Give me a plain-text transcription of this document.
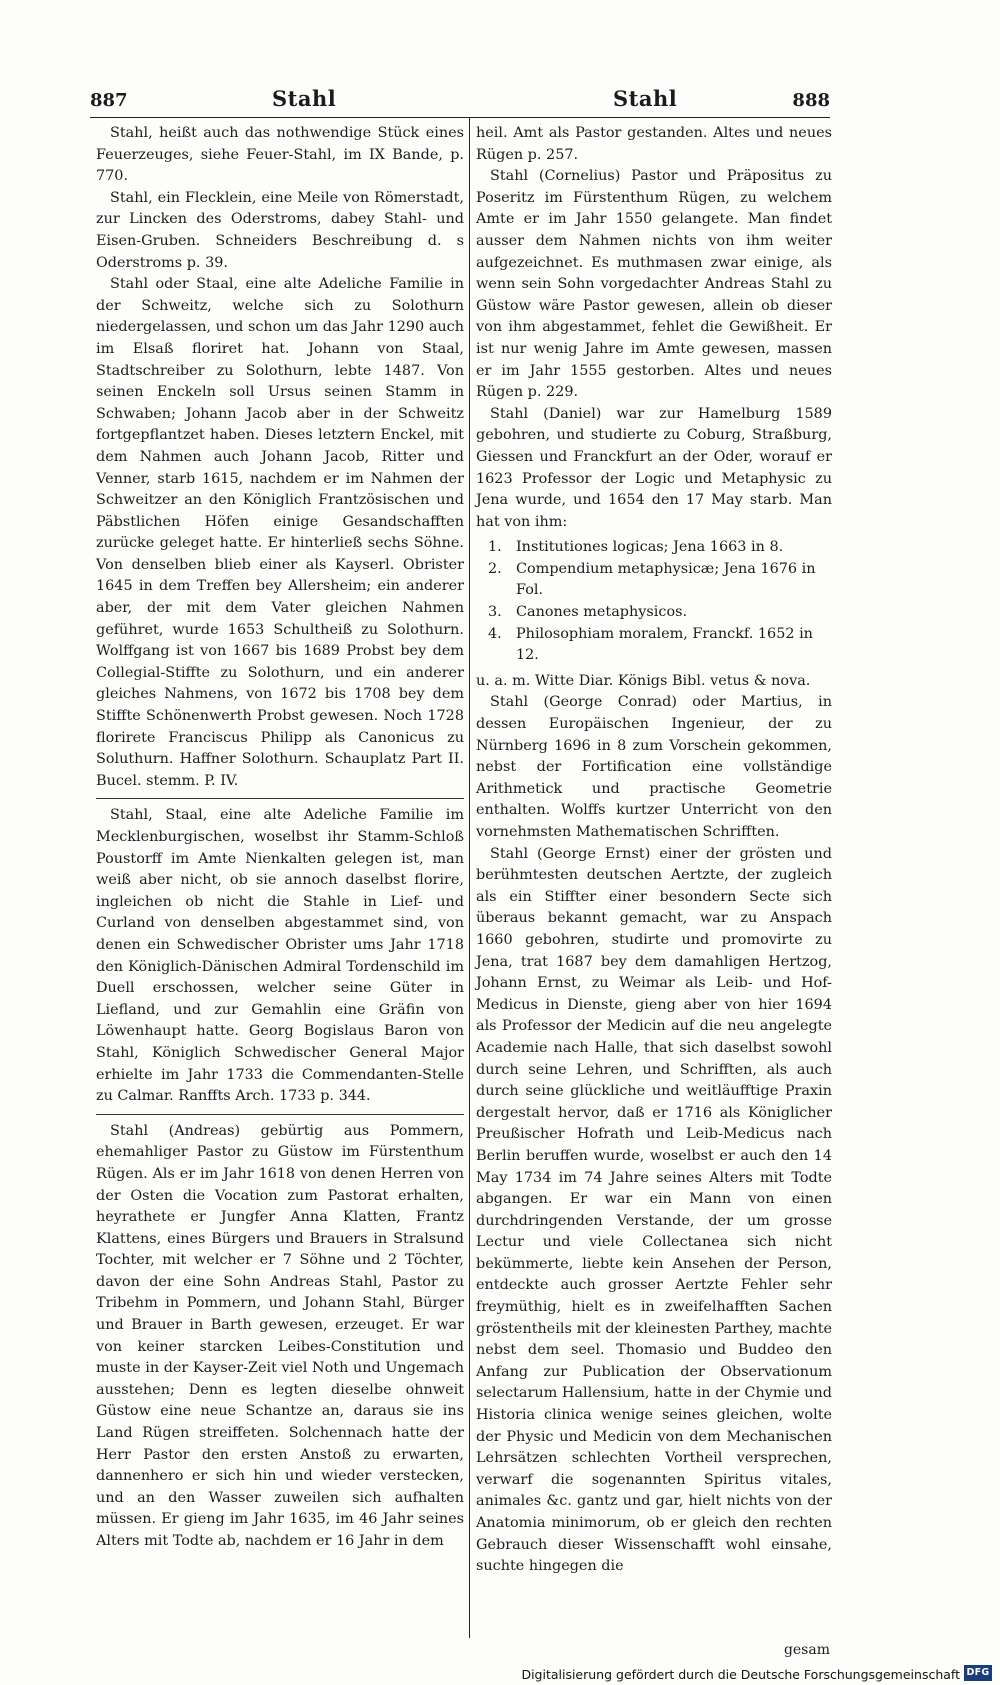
887	Stahl	Stahl	888

Stahl, heißt auch das nothwendige Stück eines Feuerzeuges, siehe Feuer-Stahl, im IX Bande, p. 770.

Stahl, ein Flecklein, eine Meile von Römerstadt, zur Lincken des Oderstroms, dabey Stahl- und Eisen-Gruben. Schneiders Beschreibung d. s Oderstroms p. 39.

Stahl oder Staal, eine alte Adeliche Familie in der Schweitz, welche sich zu Solothurn niedergelassen, und schon um das Jahr 1290 auch im Elsaß floriret hat. Johann von Staal, Stadtschreiber zu Solothurn, lebte 1487. Von seinen Enckeln soll Ursus seinen Stamm in Schwaben; Johann Jacob aber in der Schweitz fortgepflantzet haben. Dieses letztern Enckel, mit dem Nahmen auch Johann Jacob, Ritter und Venner, starb 1615, nachdem er im Nahmen der Schweitzer an den Königlich Frantzösischen und Päbstlichen Höfen einige Gesandschafften zurücke geleget hatte. Er hinterließ sechs Söhne. Von denselben blieb einer als Kayserl. Obrister 1645 in dem Treffen bey Allersheim; ein anderer aber, der mit dem Vater gleichen Nahmen geführet, wurde 1653 Schultheiß zu Solothurn. Wolffgang ist von 1667 bis 1689 Probst bey dem Collegial-Stiffte zu Solothurn, und ein anderer gleiches Nahmens, von 1672 bis 1708 bey dem Stiffte Schönenwerth Probst gewesen. Noch 1728 florirete Franciscus Philipp als Canonicus zu Soluthurn. Haffner Solothurn. Schauplatz Part II. Bucel. stemm. P. IV.

Stahl, Staal, eine alte Adeliche Familie im Mecklenburgischen, woselbst ihr Stamm-Schloß Poustorff im Amte Nienkalten gelegen ist, man weiß aber nicht, ob sie annoch daselbst florire, ingleichen ob nicht die Stahle in Lief- und Curland von denselben abgestammet sind, von denen ein Schwedischer Obrister ums Jahr 1718 den Königlich-Dänischen Admiral Tordenschild im Duell erschossen, welcher seine Güter in Liefland, und zur Gemahlin eine Gräfin von Löwenhaupt hatte. Georg Bogislaus Baron von Stahl, Königlich Schwedischer General Major erhielte im Jahr 1733 die Commendanten-Stelle zu Calmar. Ranffts Arch. 1733 p. 344.

Stahl (Andreas) gebürtig aus Pommern, ehemahliger Pastor zu Güstow im Fürstenthum Rügen. Als er im Jahr 1618 von denen Herren von der Osten die Vocation zum Pastorat erhalten, heyrathete er Jungfer Anna Klatten, Frantz Klattens, eines Bürgers und Brauers in Stralsund Tochter, mit welcher er 7 Söhne und 2 Töchter, davon der eine Sohn Andreas Stahl, Pastor zu Tribehm in Pommern, und Johann Stahl, Bürger und Brauer in Barth gewesen, erzeuget. Er war von keiner starcken Leibes-Constitution und muste in der Kayser-Zeit viel Noth und Ungemach ausstehen; Denn es legten dieselbe ohnweit Güstow eine neue Schantze an, daraus sie ins Land Rügen streiffeten. Solchennach hatte der Herr Pastor den ersten Anstoß zu erwarten, dannenhero er sich hin und wieder verstecken, und an den Wasser zuweilen sich aufhalten müssen. Er gieng im Jahr 1635, im 46 Jahr seines Alters mit Todte ab, nachdem er 16 Jahr in dem

heil. Amt als Pastor gestanden. Altes und neues Rügen p. 257.

Stahl (Cornelius) Pastor und Präpositus zu Poseritz im Fürstenthum Rügen, zu welchem Amte er im Jahr 1550 gelangete. Man findet ausser dem Nahmen nichts von ihm weiter aufgezeichnet. Es muthmasen zwar einige, als wenn sein Sohn vorgedachter Andreas Stahl zu Güstow wäre Pastor gewesen, allein ob dieser von ihm abgestammet, fehlet die Gewißheit. Er ist nur wenig Jahre im Amte gewesen, massen er im Jahr 1555 gestorben. Altes und neues Rügen p. 229.

Stahl (Daniel) war zur Hamelburg 1589 gebohren, und studierte zu Coburg, Straßburg, Giessen und Franckfurt an der Oder, worauf er 1623 Professor der Logic und Metaphysic zu Jena wurde, und 1654 den 17 May starb. Man hat von ihm:

1. Institutiones logicas; Jena 1663 in 8.
2. Compendium metaphysicæ; Jena 1676 in Fol.
3. Canones metaphysicos.
4. Philosophiam moralem, Franckf. 1652 in 12.

u. a. m. Witte Diar. Königs Bibl. vetus & nova.

Stahl (George Conrad) oder Martius, in dessen Europäischen Ingenieur, der zu Nürnberg 1696 in 8 zum Vorschein gekommen, nebst der Fortification eine vollständige Arithmetick und practische Geometrie enthalten. Wolffs kurtzer Unterricht von den vornehmsten Mathematischen Schrifften.

Stahl (George Ernst) einer der grösten und berühmtesten deutschen Aertzte, der zugleich als ein Stiffter einer besondern Secte sich überaus bekannt gemacht, war zu Anspach 1660 gebohren, studirte und promovirte zu Jena, trat 1687 bey dem damahligen Hertzog, Johann Ernst, zu Weimar als Leib- und Hof-Medicus in Dienste, gieng aber von hier 1694 als Professor der Medicin auf die neu angelegte Academie nach Halle, that sich daselbst sowohl durch seine Lehren, und Schrifften, als auch durch seine glückliche und weitläufftige Praxin dergestalt hervor, daß er 1716 als Königlicher Preußischer Hofrath und Leib-Medicus nach Berlin beruffen wurde, woselbst er auch den 14 May 1734 im 74 Jahre seines Alters mit Todte abgangen. Er war ein Mann von einen durchdringenden Verstande, der um grosse Lectur und viele Collectanea sich nicht bekümmerte, liebte kein Ansehen der Person, entdeckte auch grosser Aertzte Fehler sehr freymüthig, hielt es in zweifelhafften Sachen gröstentheils mit der kleinesten Parthey, machte nebst dem seel. Thomasio und Buddeo den Anfang zur Publication der Observationum selectarum Hallensium, hatte in der Chymie und Historia clinica wenige seines gleichen, wolte der Physic und Medicin von dem Mechanischen Lehrsätzen schlechten Vortheil versprechen, verwarf die sogenannten Spiritus vitales, animales &c. gantz und gar, hielt nichts von der Anatomia minimorum, ob er gleich den rechten Gebrauch dieser Wissenschafft wohl einsahe, suchte hingegen die

gesam
Digitalisierung gefördert durch die Deutsche Forschungsgemeinschaft DFG
